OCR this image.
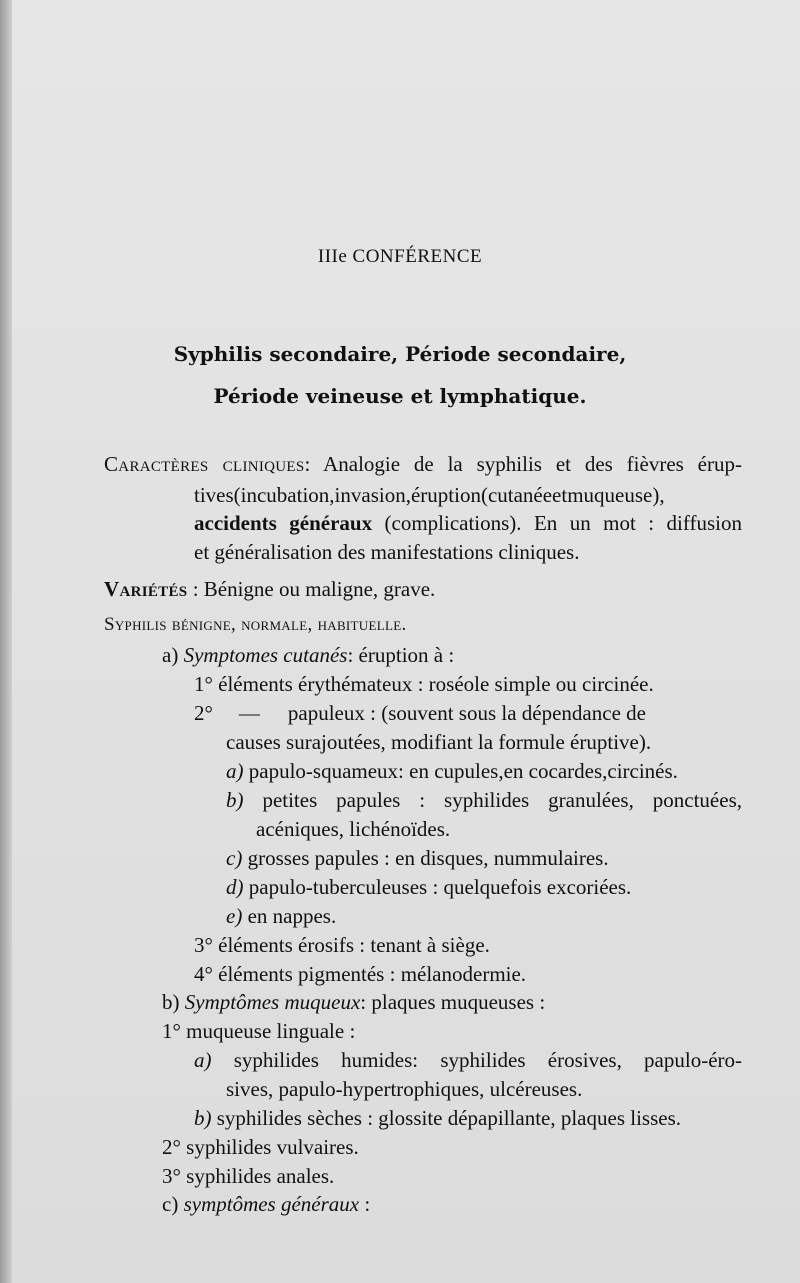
IIIe CONFÉRENCE
Syphilis secondaire, Période secondaire,
Période veineuse et lymphatique.
Caractères cliniques: Analogie de la syphilis et des fièvres érup-
tives(incubation,invasion,éruption(cutanéeetmuqueuse),
accidents généraux (complications). En un mot : diffusion
et généralisation des manifestations cliniques.
Variétés : Bénigne ou maligne, grave.
Syphilis bénigne, normale, habituelle.
a) Symptomes cutanés: éruption à :
1° éléments érythémateux : roséole simple ou circinée.
2° — papuleux : (souvent sous la dépendance de
causes surajoutées, modifiant la formule éruptive).
a) papulo-squameux: en cupules,en cocardes,circinés.
b) petites papules : syphilides granulées, ponctuées,
acéniques, lichénoïdes.
c) grosses papules : en disques, nummulaires.
d) papulo-tuberculeuses : quelquefois excoriées.
e) en nappes.
3° éléments érosifs : tenant à siège.
4° éléments pigmentés : mélanodermie.
b) Symptômes muqueux: plaques muqueuses :
1° muqueuse linguale :
a) syphilides humides: syphilides érosives, papulo-éro-
sives, papulo-hypertrophiques, ulcéreuses.
b) syphilides sèches : glossite dépapillante, plaques lisses.
2° syphilides vulvaires.
3° syphilides anales.
c) symptômes généraux :
